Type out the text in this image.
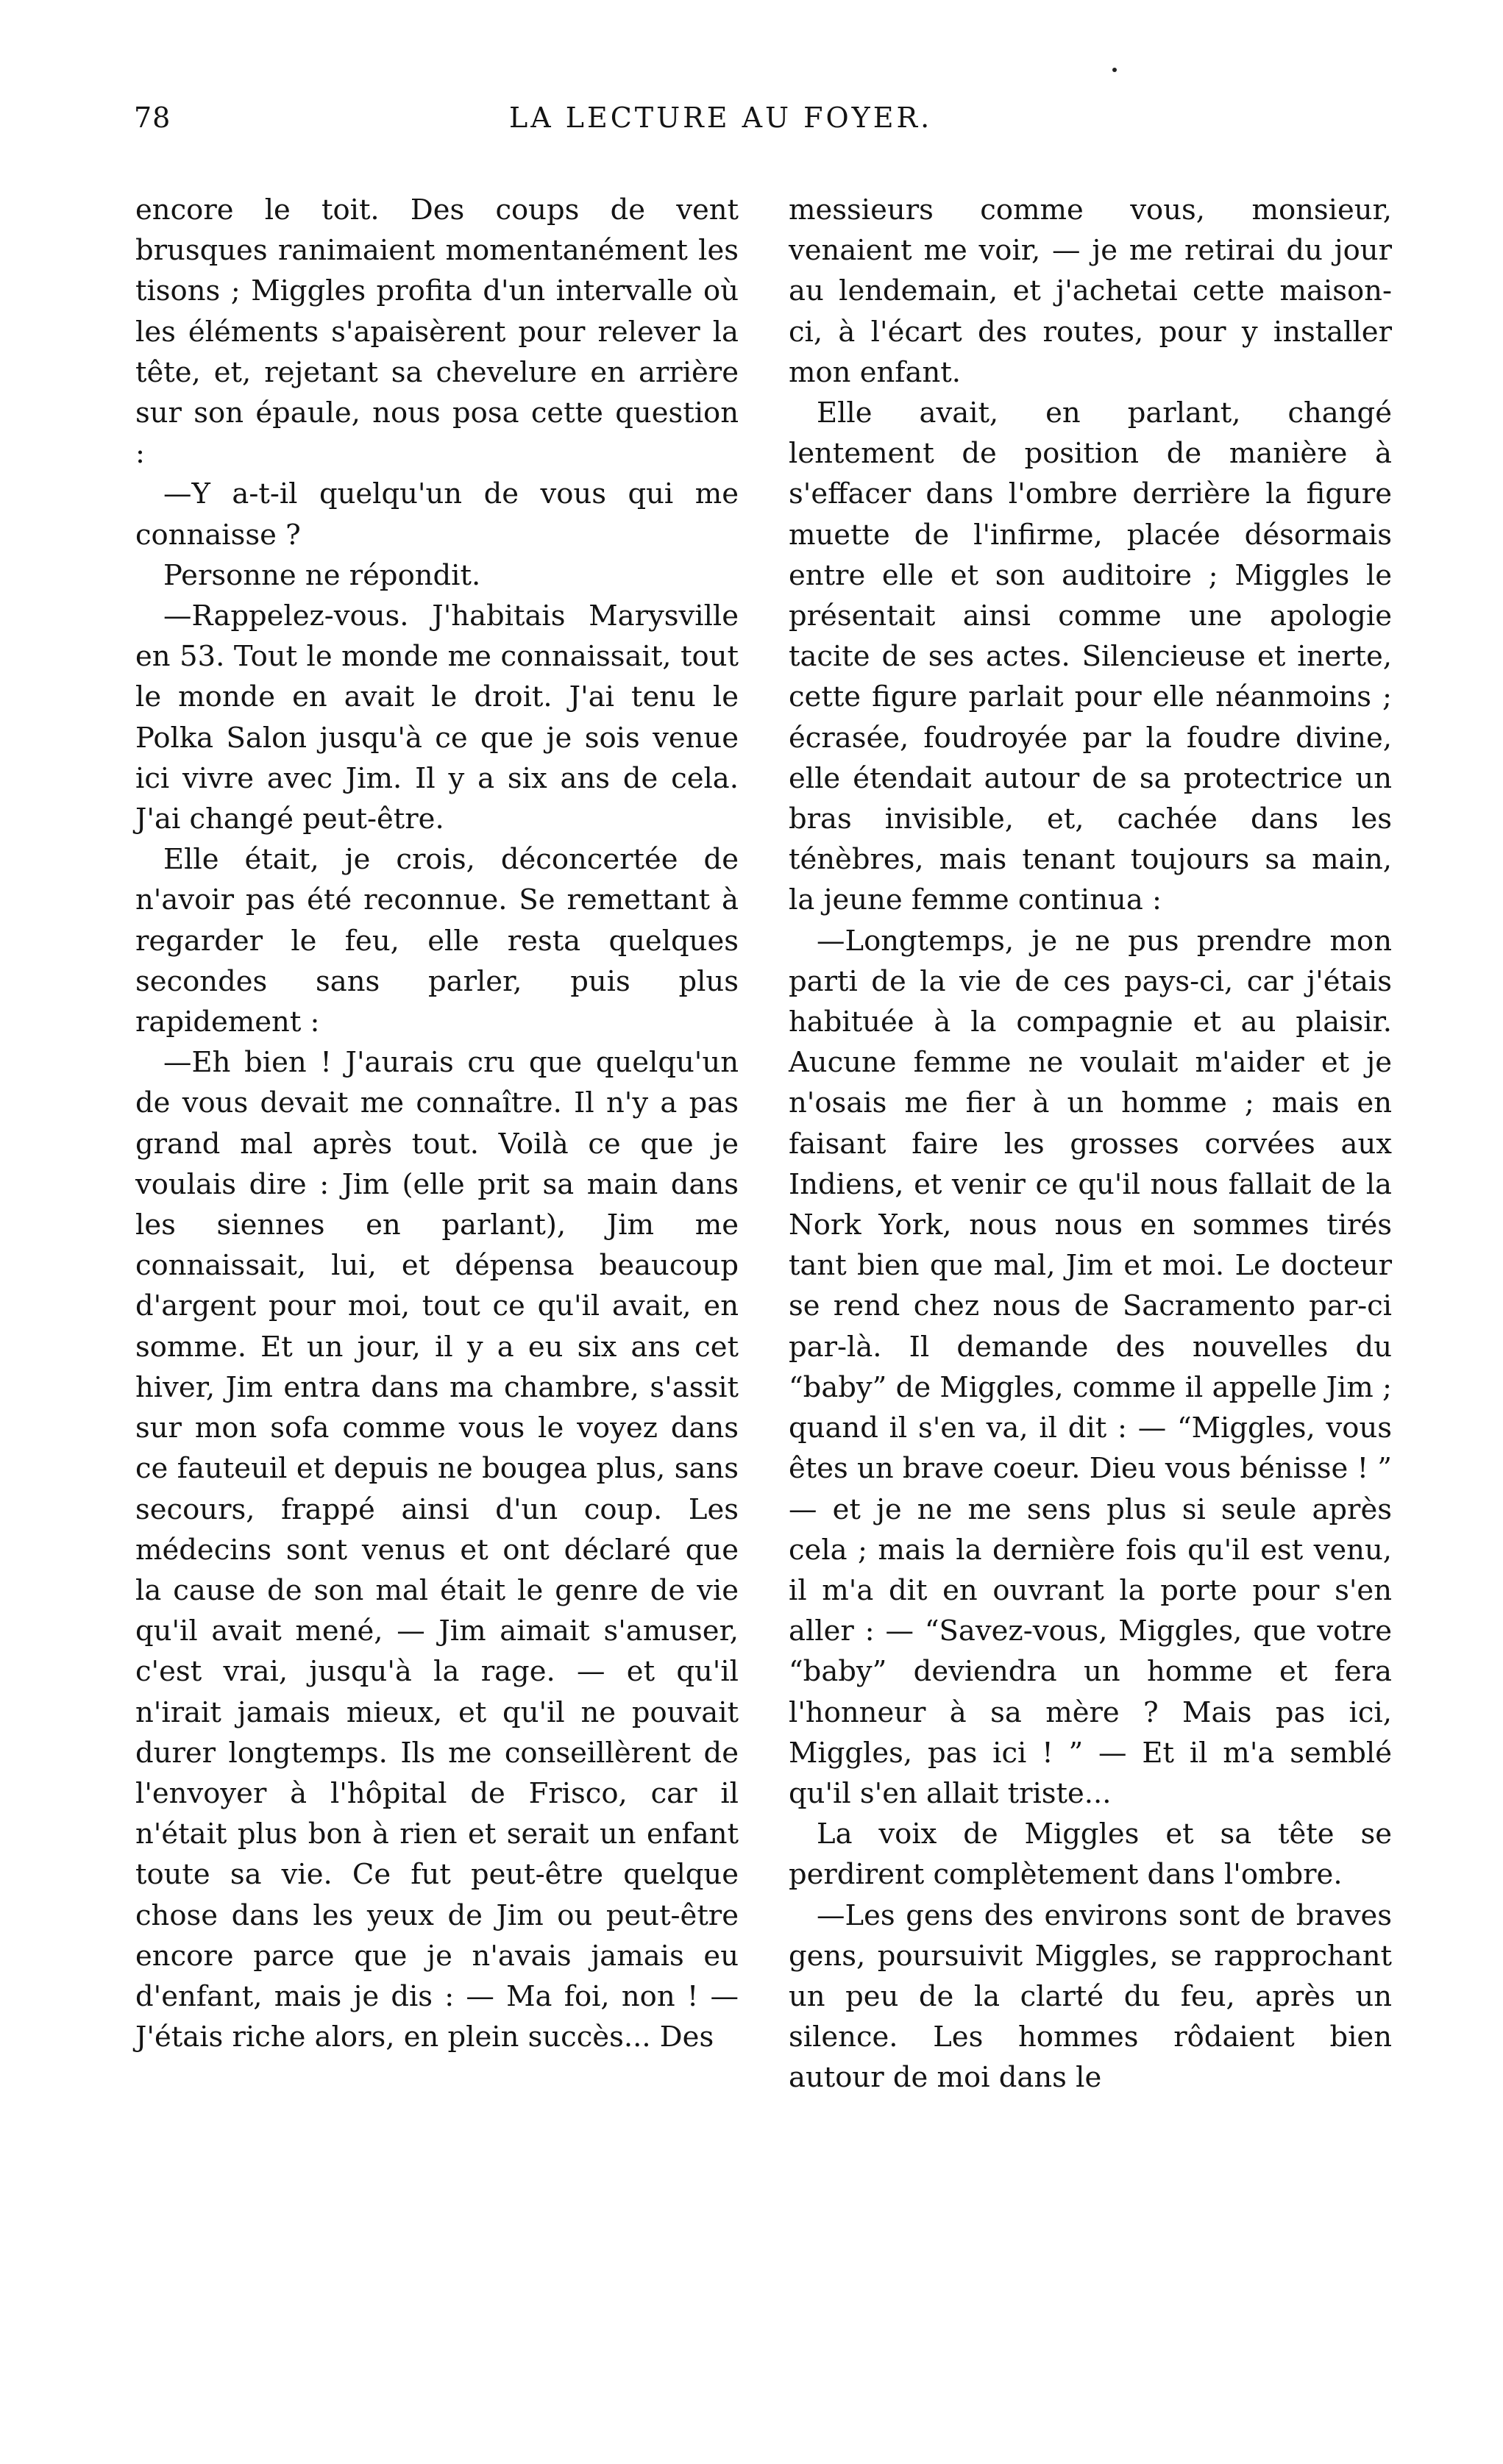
78	LA LECTURE AU FOYER.

encore le toit. Des coups de vent brusques ranimaient momentanément les tisons ; Miggles profita d'un intervalle où les éléments s'apaisèrent pour relever la tête, et, rejetant sa chevelure en arrière sur son épaule, nous posa cette question :

—Y a-t-il quelqu'un de vous qui me connaisse ?

Personne ne répondit.

—Rappelez-vous. J'habitais Marysville en 53. Tout le monde me connaissait, tout le monde en avait le droit. J'ai tenu le Polka Salon jusqu'à ce que je sois venue ici vivre avec Jim. Il y a six ans de cela. J'ai changé peut-être.

Elle était, je crois, déconcertée de n'avoir pas été reconnue. Se remettant à regarder le feu, elle resta quelques secondes sans parler, puis plus rapidement :

—Eh bien ! J'aurais cru que quelqu'un de vous devait me connaître. Il n'y a pas grand mal après tout. Voilà ce que je voulais dire : Jim (elle prit sa main dans les siennes en parlant), Jim me connaissait, lui, et dépensa beaucoup d'argent pour moi, tout ce qu'il avait, en somme. Et un jour, il y a eu six ans cet hiver, Jim entra dans ma chambre, s'assit sur mon sofa comme vous le voyez dans ce fauteuil et depuis ne bougea plus, sans secours, frappé ainsi d'un coup. Les médecins sont venus et ont déclaré que la cause de son mal était le genre de vie qu'il avait mené, — Jim aimait s'amuser, c'est vrai, jusqu'à la rage. — et qu'il n'irait jamais mieux, et qu'il ne pouvait durer longtemps. Ils me conseillèrent de l'envoyer à l'hôpital de Frisco, car il n'était plus bon à rien et serait un enfant toute sa vie. Ce fut peut-être quelque chose dans les yeux de Jim ou peut-être encore parce que je n'avais jamais eu d'enfant, mais je dis : — Ma foi, non ! — J'étais riche alors, en plein succès... Des

messieurs comme vous, monsieur, venaient me voir, — je me retirai du jour au lendemain, et j'achetai cette maison-ci, à l'écart des routes, pour y installer mon enfant.

Elle avait, en parlant, changé lentement de position de manière à s'effacer dans l'ombre derrière la figure muette de l'infirme, placée désormais entre elle et son auditoire ; Miggles le présentait ainsi comme une apologie tacite de ses actes. Silencieuse et inerte, cette figure parlait pour elle néanmoins ; écrasée, foudroyée par la foudre divine, elle étendait autour de sa protectrice un bras invisible, et, cachée dans les ténèbres, mais tenant toujours sa main, la jeune femme continua :

—Longtemps, je ne pus prendre mon parti de la vie de ces pays-ci, car j'étais habituée à la compagnie et au plaisir. Aucune femme ne voulait m'aider et je n'osais me fier à un homme ; mais en faisant faire les grosses corvées aux Indiens, et venir ce qu'il nous fallait de la Nork York, nous nous en sommes tirés tant bien que mal, Jim et moi. Le docteur se rend chez nous de Sacramento par-ci par-là. Il demande des nouvelles du “baby” de Miggles, comme il appelle Jim ; quand il s'en va, il dit : — “Miggles, vous êtes un brave coeur. Dieu vous bénisse ! ” — et je ne me sens plus si seule après cela ; mais la dernière fois qu'il est venu, il m'a dit en ouvrant la porte pour s'en aller : — “Savez-vous, Miggles, que votre “baby” deviendra un homme et fera l'honneur à sa mère ? Mais pas ici, Miggles, pas ici ! ” — Et il m'a semblé qu'il s'en allait triste...

La voix de Miggles et sa tête se perdirent complètement dans l'ombre.

—Les gens des environs sont de braves gens, poursuivit Miggles, se rapprochant un peu de la clarté du feu, après un silence. Les hommes rôdaient bien autour de moi dans le
